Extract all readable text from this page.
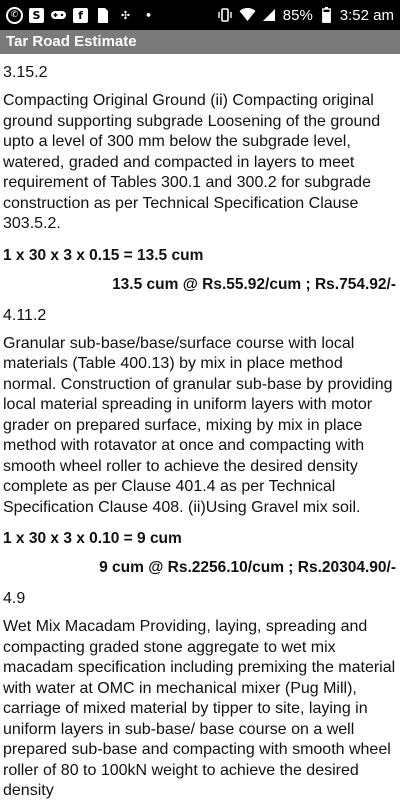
✆	S	f	✣	•	85% 3:52 am
Tar Road Estimate
3.15.2
Compacting Original Ground (ii) Compacting original ground supporting subgrade Loosening of the ground upto a level of 300 mm below the subgrade level, watered, graded and compacted in layers to meet requirement of Tables 300.1 and 300.2 for subgrade construction as per Technical Specification Clause 303.5.2.
1 x 30 x 3 x 0.15 = 13.5 cum
13.5 cum @ Rs.55.92/cum ; Rs.754.92/-
4.11.2
Granular sub-base/base/surface course with local materials (Table 400.13) by mix in place method normal. Construction of granular sub-base by providing local material spreading in uniform layers with motor grader on prepared surface, mixing by mix in place method with rotavator at once and compacting with smooth wheel roller to achieve the desired density complete as per Clause 401.4 as per Technical Specification Clause 408. (ii)Using Gravel mix soil.
1 x 30 x 3 x 0.10 = 9 cum
9 cum @ Rs.2256.10/cum ; Rs.20304.90/-
4.9
Wet Mix Macadam Providing, laying, spreading and compacting graded stone aggregate to wet mix macadam specification including premixing the material with water at OMC in mechanical mixer (Pug Mill), carriage of mixed material by tipper to site, laying in uniform layers in sub-base/ base course on a well prepared sub-base and compacting with smooth wheel roller of 80 to 100kN weight to achieve the desired density
